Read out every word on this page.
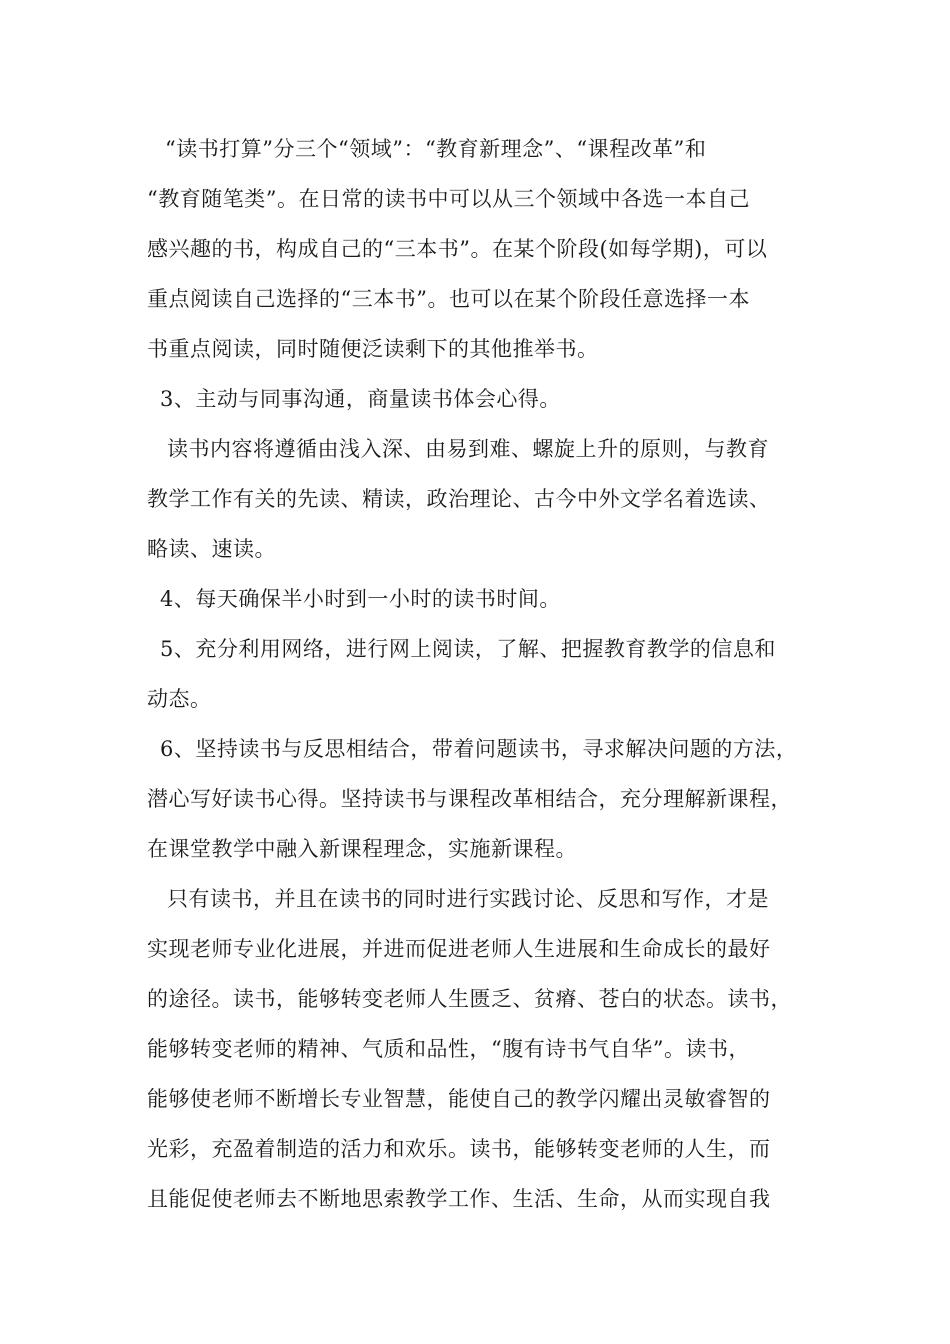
“读书打算”分三个“领域”：“教育新理念”、“课程改革”和
“教育随笔类”。在日常的读书中可以从三个领域中各选一本自己
感兴趣的书，构成自己的“三本书”。在某个阶段(如每学期)，可以
重点阅读自己选择的“三本书”。也可以在某个阶段任意选择一本
书重点阅读，同时随便泛读剩下的其他推举书。
3、主动与同事沟通，商量读书体会心得。
读书内容将遵循由浅入深、由易到难、螺旋上升的原则，与教育
教学工作有关的先读、精读，政治理论、古今中外文学名着选读、
略读、速读。
4、每天确保半小时到一小时的读书时间。
5、充分利用网络，进行网上阅读，了解、把握教育教学的信息和
动态。
6、坚持读书与反思相结合，带着问题读书，寻求解决问题的方法，
潜心写好读书心得。坚持读书与课程改革相结合，充分理解新课程，
在课堂教学中融入新课程理念，实施新课程。
只有读书，并且在读书的同时进行实践讨论、反思和写作，才是
实现老师专业化进展，并进而促进老师人生进展和生命成长的最好
的途径。读书，能够转变老师人生匮乏、贫瘠、苍白的状态。读书，
能够转变老师的精神、气质和品性，“腹有诗书气自华”。读书，
能够使老师不断增长专业智慧，能使自己的教学闪耀出灵敏睿智的
光彩，充盈着制造的活力和欢乐。读书，能够转变老师的人生，而
且能促使老师去不断地思索教学工作、生活、生命，从而实现自我
